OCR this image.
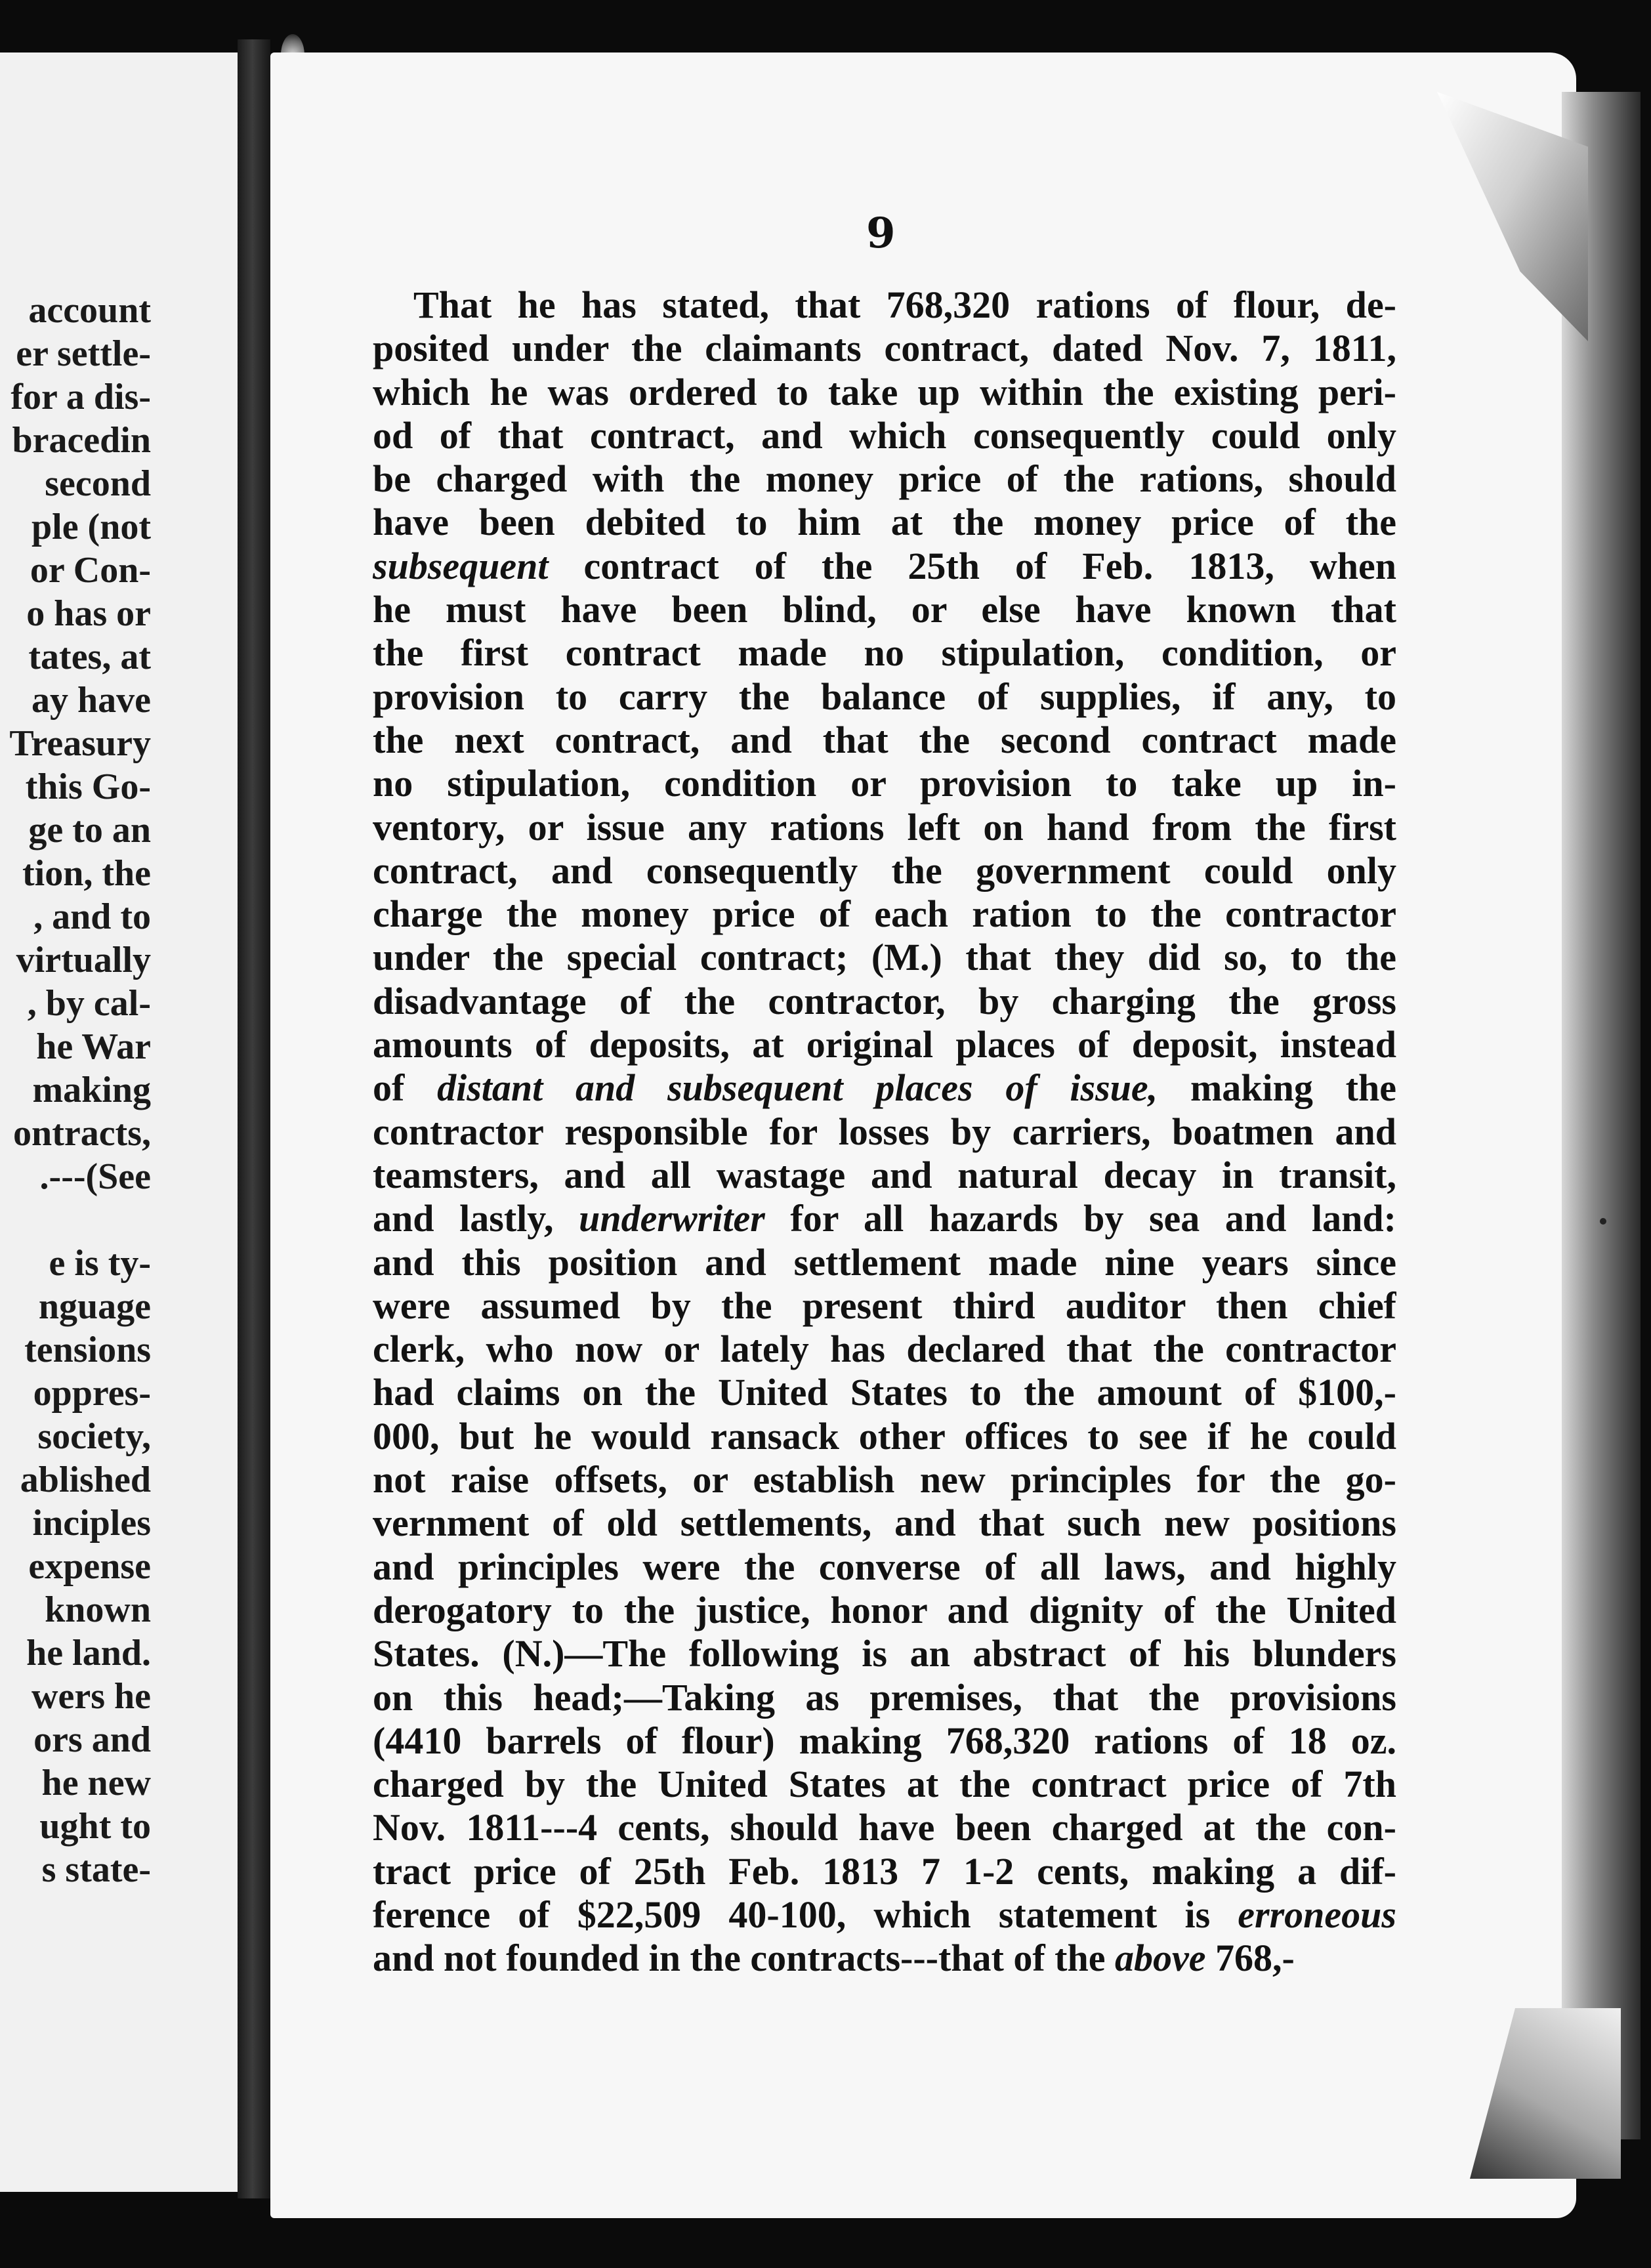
account
er settle-
for a dis-
bracedin
second
ple (not
or Con-
o has or
tates, at
ay have
Treasury
this Go-
ge to an
tion, the
, and to
virtually
, by cal-
he War
making
ontracts,
.---(See
e is ty-
nguage
tensions
oppres-
society,
ablished
inciples
expense
known
he land.
wers he
ors and
he new
ught to
s state-
9
That he has stated, that 768,320 rations of flour, de-
posited under the claimants contract, dated Nov. 7, 1811,
which he was ordered to take up within the existing peri-
od of that contract, and which consequently could only
be charged with the money price of the rations, should
have been debited to him at the money price of the
subsequent contract of the 25th of Feb. 1813, when
he must have been blind, or else have known that
the first contract made no stipulation, condition, or
provision to carry the balance of supplies, if any, to
the next contract, and that the second contract made
no stipulation, condition or provision to take up in-
ventory, or issue any rations left on hand from the first
contract, and consequently the government could only
charge the money price of each ration to the contractor
under the special contract; (M.) that they did so, to the
disadvantage of the contractor, by charging the gross
amounts of deposits, at original places of deposit, instead
of distant and subsequent places of issue, making the
contractor responsible for losses by carriers, boatmen and
teamsters, and all wastage and natural decay in transit,
and lastly, underwriter for all hazards by sea and land:
and this position and settlement made nine years since
were assumed by the present third auditor then chief
clerk, who now or lately has declared that the contractor
had claims on the United States to the amount of $100,-
000, but he would ransack other offices to see if he could
not raise offsets, or establish new principles for the go-
vernment of old settlements, and that such new positions
and principles were the converse of all laws, and highly
derogatory to the justice, honor and dignity of the United
States. (N.)—The following is an abstract of his blunders
on this head;—Taking as premises, that the provisions
(4410 barrels of flour) making 768,320 rations of 18 oz.
charged by the United States at the contract price of 7th
Nov. 1811---4 cents, should have been charged at the con-
tract price of 25th Feb. 1813 7 1-2 cents, making a dif-
ference of $22,509 40-100, which statement is erroneous
and not founded in the contracts---that of the above 768,-
